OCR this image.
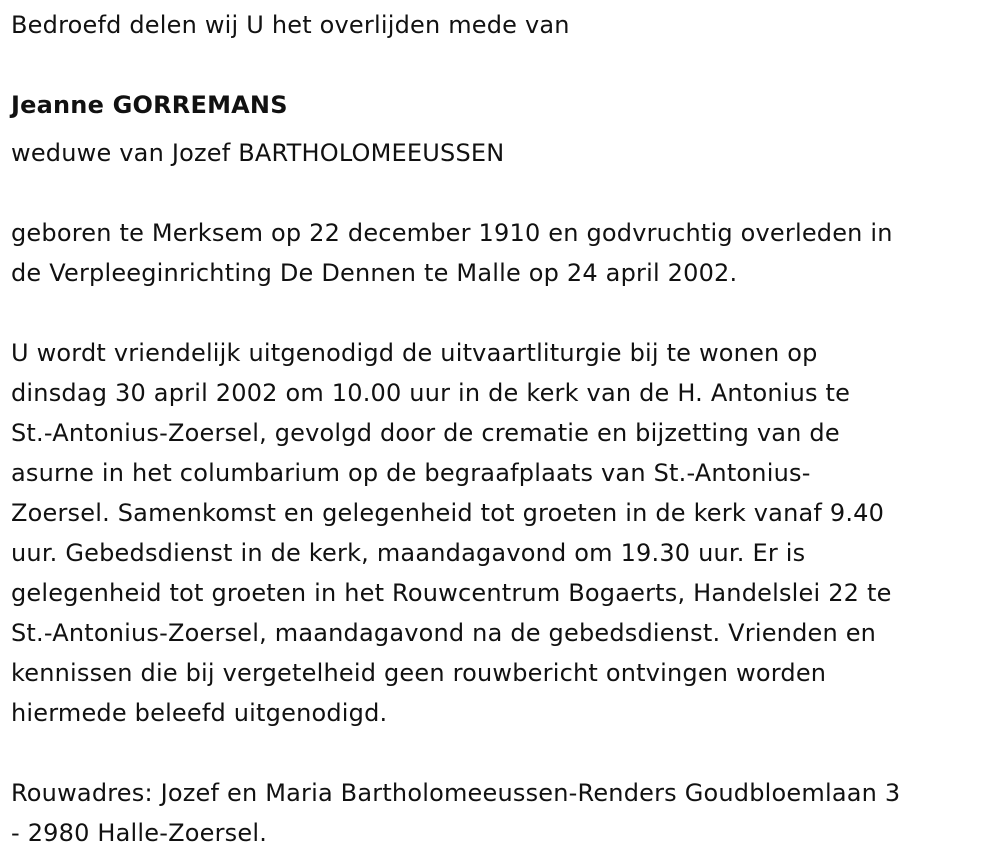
Bedroefd delen wij U het overlijden mede van
Jeanne GORREMANS
weduwe van Jozef BARTHOLOMEEUSSEN
geboren te Merksem op 22 december 1910 en godvruchtig overleden in
de Verpleeginrichting De Dennen te Malle op 24 april 2002.
U wordt vriendelijk uitgenodigd de uitvaartliturgie bij te wonen op
dinsdag 30 april 2002 om 10.00 uur in de kerk van de H. Antonius te
St.-Antonius-Zoersel, gevolgd door de crematie en bijzetting van de
asurne in het columbarium op de begraafplaats van St.-Antonius-
Zoersel. Samenkomst en gelegenheid tot groeten in de kerk vanaf 9.40
uur. Gebedsdienst in de kerk, maandagavond om 19.30 uur. Er is
gelegenheid tot groeten in het Rouwcentrum Bogaerts, Handelslei 22 te
St.-Antonius-Zoersel, maandagavond na de gebedsdienst. Vrienden en
kennissen die bij vergetelheid geen rouwbericht ontvingen worden
hiermede beleefd uitgenodigd.
Rouwadres: Jozef en Maria Bartholomeeussen-Renders Goudbloemlaan 3
- 2980 Halle-Zoersel.
